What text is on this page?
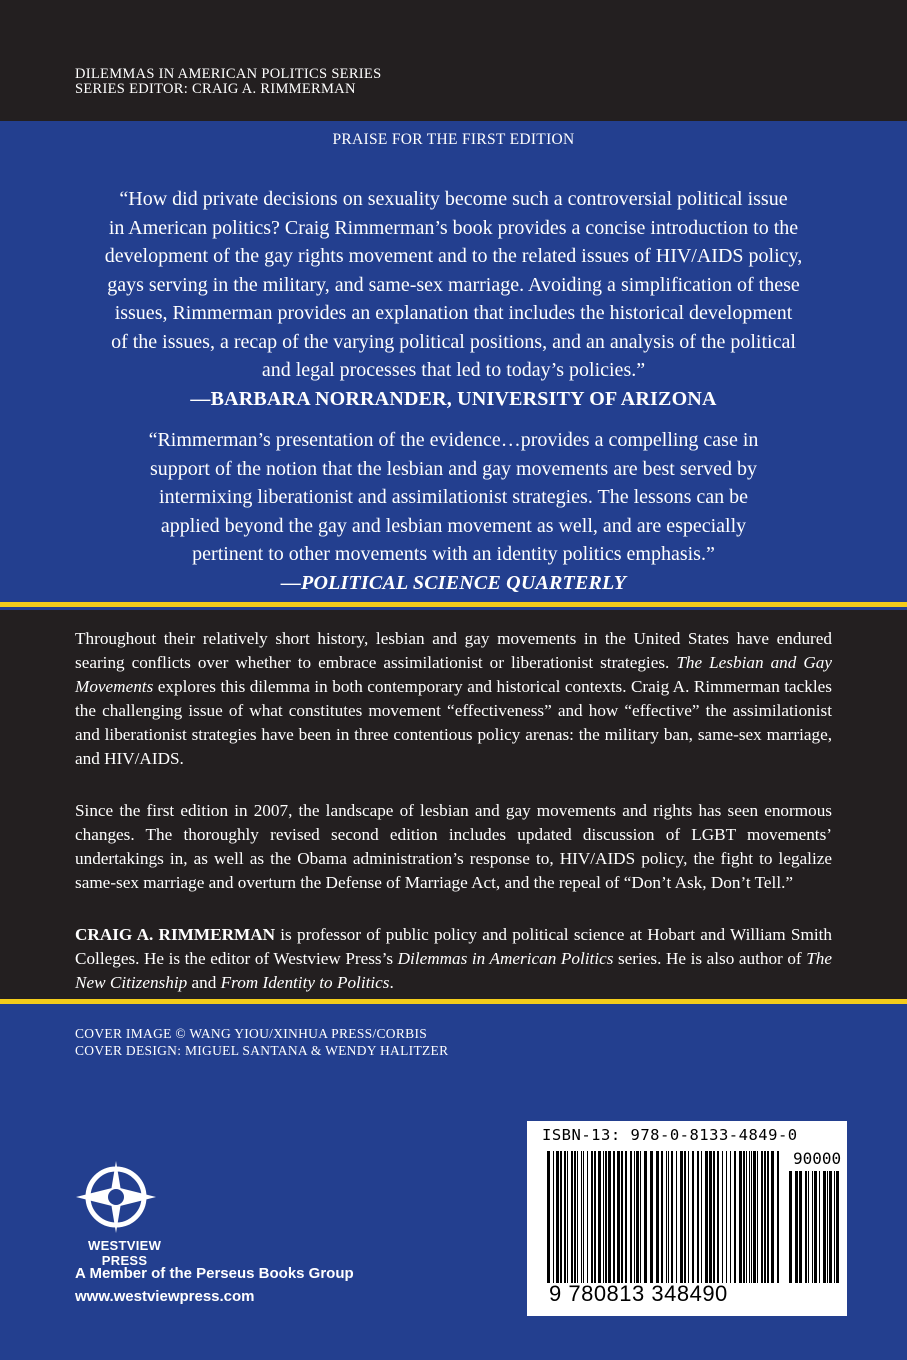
DILEMMAS IN AMERICAN POLITICS SERIES
SERIES EDITOR: CRAIG A. RIMMERMAN
PRAISE FOR THE FIRST EDITION
“How did private decisions on sexuality become such a controversial political issue
in American politics? Craig Rimmerman’s book provides a concise introduction to the
development of the gay rights movement and to the related issues of HIV/AIDS policy,
gays serving in the military, and same-sex marriage. Avoiding a simplification of these
issues, Rimmerman provides an explanation that includes the historical development
of the issues, a recap of the varying political positions, and an analysis of the political
and legal processes that led to today’s policies.”
—BARBARA NORRANDER, UNIVERSITY OF ARIZONA
“Rimmerman’s presentation of the evidence…provides a compelling case in
support of the notion that the lesbian and gay movements are best served by
intermixing liberationist and assimilationist strategies. The lessons can be
applied beyond the gay and lesbian movement as well, and are especially
pertinent to other movements with an identity politics emphasis.”
—POLITICAL SCIENCE QUARTERLY
Throughout their relatively short history, lesbian and gay movements in the United States have endured searing conflicts over whether to embrace assimilationist or liberationist strategies. The Lesbian and Gay Movements explores this dilemma in both contemporary and historical contexts. Craig A. Rimmerman tackles the challenging issue of what constitutes movement “effectiveness” and how “effective” the assimilationist and liberationist strategies have been in three contentious policy arenas: the military ban, same-sex marriage, and HIV/AIDS.
Since the first edition in 2007, the landscape of lesbian and gay movements and rights has seen enormous changes. The thoroughly revised second edition includes updated discussion of LGBT movements’ undertakings in, as well as the Obama administration’s response to, HIV/AIDS policy, the fight to legalize same-sex marriage and overturn the Defense of Marriage Act, and the repeal of “Don’t Ask, Don’t Tell.”
CRAIG A. RIMMERMAN is professor of public policy and political science at Hobart and William Smith Colleges. He is the editor of Westview Press’s Dilemmas in American Politics series. He is also author of The New Citizenship and From Identity to Politics.
COVER IMAGE © WANG YIOU/XINHUA PRESS/CORBIS
COVER DESIGN: MIGUEL SANTANA & WENDY HALITZER
WESTVIEW
PRESS
A Member of the Perseus Books Group
www.westviewpress.com
ISBN-13: 978-0-8133-4849-0
90000
9 780813 348490
